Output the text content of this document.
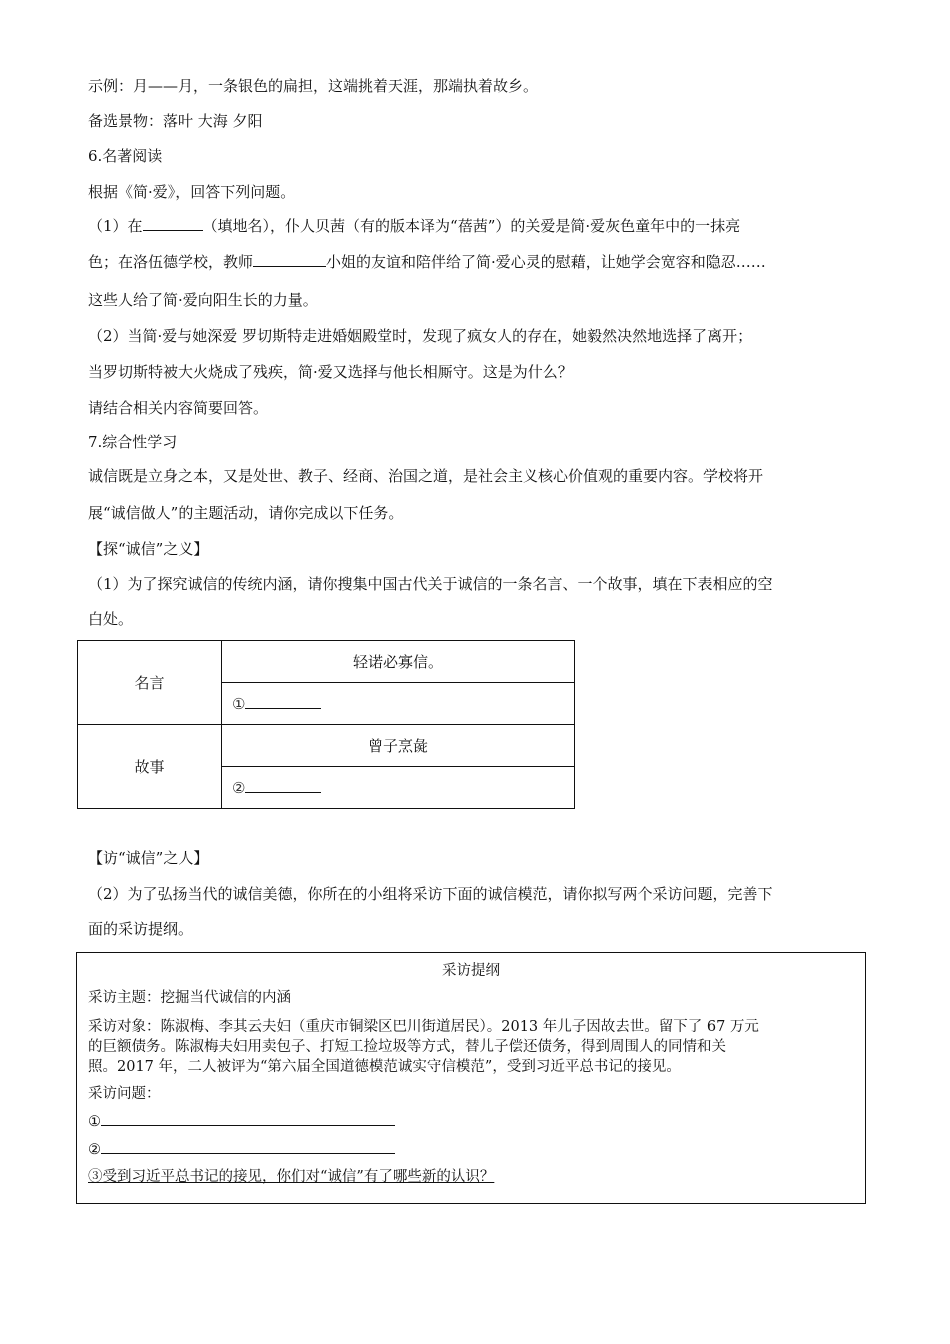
示例：月——月，一条银色的扁担，这端挑着天涯，那端执着故乡。
备选景物：落叶 大海 夕阳
6.名著阅读
根据《简·爱》，回答下列问题。
（1）在	（填地名），仆人贝茜（有的版本译为“蓓茜”）的关爱是简·爱灰色童年中的一抹亮
色；在洛伍德学校，教师	小姐的友谊和陪伴给了简·爱心灵的慰藉，让她学会宽容和隐忍……
这些人给了简·爱向阳生长的力量。
（2）当简·爱与她深爱 罗切斯特走进婚姻殿堂时，发现了疯女人的存在，她毅然决然地选择了离开；
当罗切斯特被大火烧成了残疾，简·爱又选择与他长相厮守。这是为什么？
请结合相关内容简要回答。
7.综合性学习
诚信既是立身之本，又是处世、教子、经商、治国之道，是社会主义核心价值观的重要内容。学校将开
展“诚信做人”的主题活动，请你完成以下任务。
【探“诚信”之义】
（1）为了探究诚信的传统内涵，请你搜集中国古代关于诚信的一条名言、一个故事，填在下表相应的空
白处。
名言	轻诺必寡信。
	①
故事	曾子烹彘
	②
【访“诚信”之人】
（2）为了弘扬当代的诚信美德，你所在的小组将采访下面的诚信模范，请你拟写两个采访问题，完善下
面的采访提纲。
采访提纲
采访主题：挖掘当代诚信的内涵
采访对象：陈淑梅、李其云夫妇（重庆市铜梁区巴川街道居民）。2013 年儿子因故去世。留下了 67 万元
的巨额债务。陈淑梅夫妇用卖包子、打短工捡垃圾等方式，替儿子偿还债务，得到周围人的同情和关
照。2017 年，二人被评为“第六届全国道德模范诚实守信模范”，受到习近平总书记的接见。
采访问题：
①
②
③受到习近平总书记的接见，你们对“诚信”有了哪些新的认识？
